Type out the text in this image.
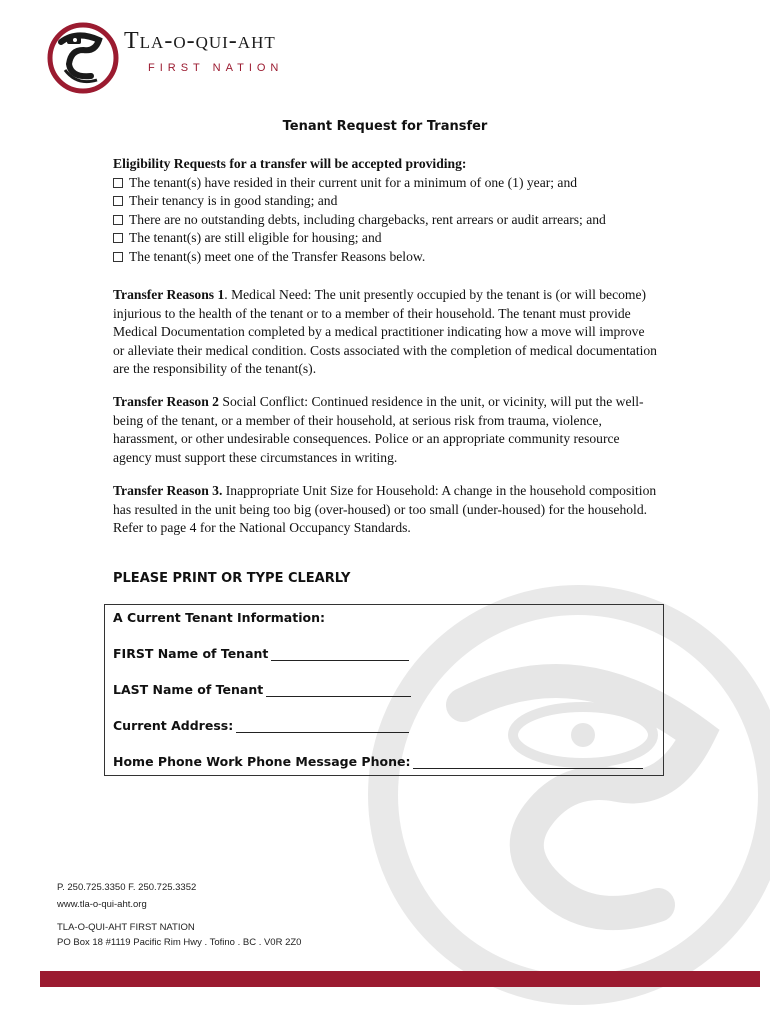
Tla-o-qui-aht
FIRST NATION
Tenant Request for Transfer

Eligibility Requests for a transfer will be accepted providing:

The tenant(s) have resided in their current unit for a minimum of one (1) year; and
Their tenancy is in good standing; and
There are no outstanding debts, including chargebacks, rent arrears or audit arrears; and
The tenant(s) are still eligible for housing; and
The tenant(s) meet one of the Transfer Reasons below.

Transfer Reasons 1. Medical Need: The unit presently occupied by the tenant is (or will become) injurious to the health of the tenant or to a member of their household. The tenant must provide Medical Documentation completed by a medical practitioner indicating how a move will improve or alleviate their medical condition. Costs associated with the completion of medical documentation are the responsibility of the tenant(s).

Transfer Reason 2 Social Conflict: Continued residence in the unit, or vicinity, will put the well-being of the tenant, or a member of their household, at serious risk from trauma, violence, harassment, or other undesirable consequences. Police or an appropriate community resource agency must support these circumstances in writing.

Transfer Reason 3. Inappropriate Unit Size for Household: A change in the household composition has resulted in the unit being too big (over-housed) or too small (under-housed) for the household. Refer to page 4 for the National Occupancy Standards.

PLEASE PRINT OR TYPE CLEARLY
A Current Tenant Information:
FIRST Name of Tenant
LAST Name of Tenant
Current Address:
Home Phone Work Phone Message Phone:
P. 250.725.3350 F. 250.725.3352
www.tla-o-qui-aht.org
TLA-O-QUI-AHT FIRST NATION
PO Box 18 #1119 Pacific Rim Hwy . Tofino . BC . V0R 2Z0
